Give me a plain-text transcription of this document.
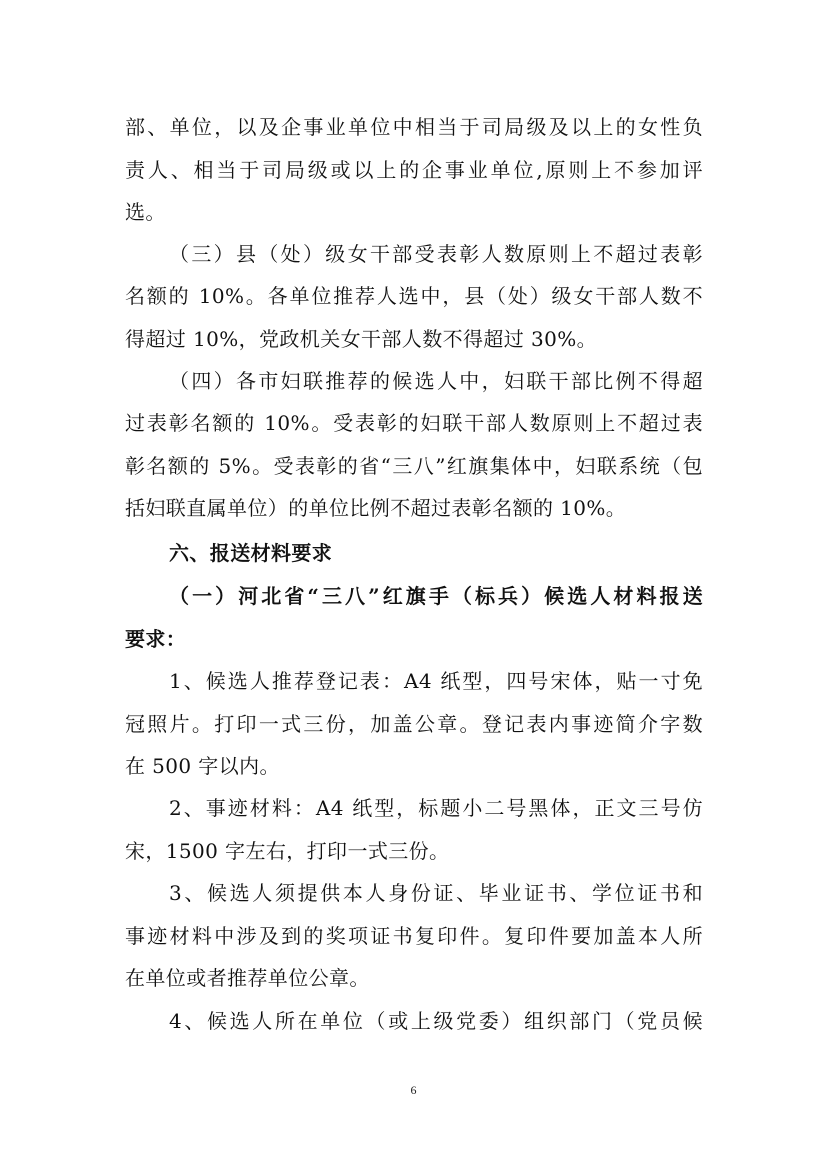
部、单位，以及企事业单位中相当于司局级及以上的女性负
责人、相当于司局级或以上的企事业单位,原则上不参加评
选。
（三）县（处）级女干部受表彰人数原则上不超过表彰
名额的 10%。各单位推荐人选中，县（处）级女干部人数不
得超过 10%，党政机关女干部人数不得超过 30%。
（四）各市妇联推荐的候选人中，妇联干部比例不得超
过表彰名额的 10%。受表彰的妇联干部人数原则上不超过表
彰名额的 5%。受表彰的省“三八”红旗集体中，妇联系统（包
括妇联直属单位）的单位比例不超过表彰名额的 10%。
六、报送材料要求
（一）河北省“三八”红旗手（标兵）候选人材料报送
要求：
1、候选人推荐登记表：A4 纸型，四号宋体，贴一寸免
冠照片。打印一式三份，加盖公章。登记表内事迹简介字数
在 500 字以内。
2、事迹材料：A4 纸型，标题小二号黑体，正文三号仿
宋，1500 字左右，打印一式三份。
3、候选人须提供本人身份证、毕业证书、学位证书和
事迹材料中涉及到的奖项证书复印件。复印件要加盖本人所
在单位或者推荐单位公章。
4、候选人所在单位（或上级党委）组织部门（党员候
6
